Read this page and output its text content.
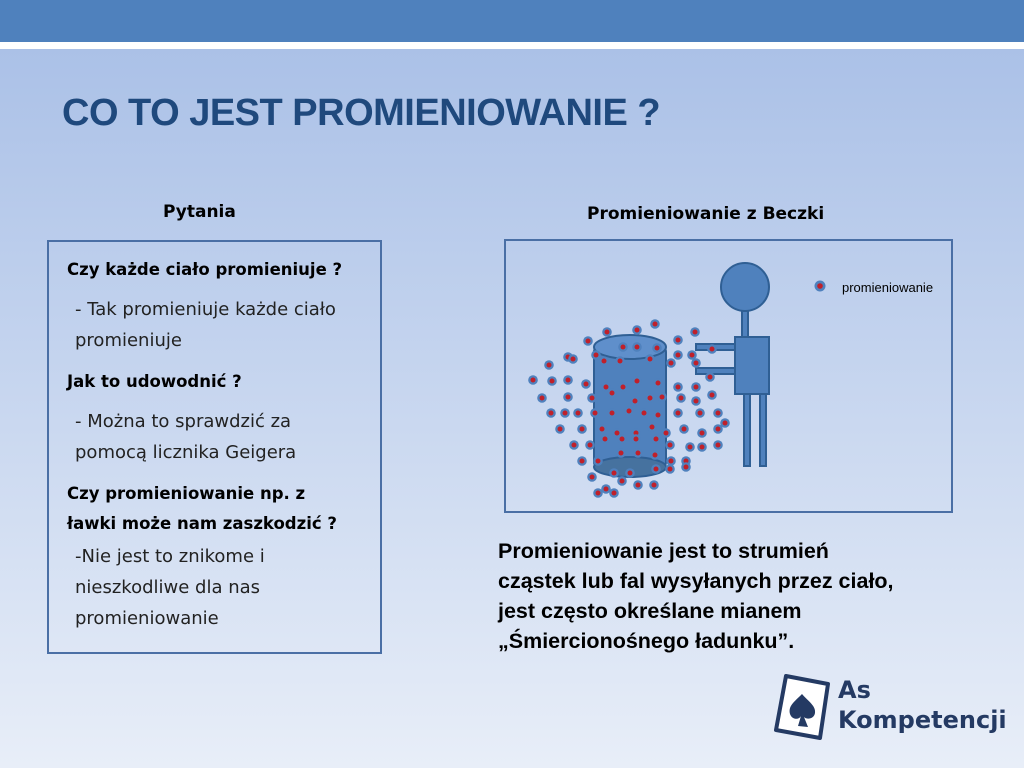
CO TO JEST PROMIENIOWANIE ?
Pytania	Promieniowanie z Beczki

Czy każde ciało promieniuje ?

- Tak promieniuje każde ciało
promieniuje

Jak to udowodnić ?

- Można to sprawdzić za
pomocą licznika Geigera

Czy promieniowanie np. z
ławki może nam zaszkodzić ?

-Nie jest to znikome i
nieszkodliwe dla nas
promieniowanie

promieniowanie

Promieniowanie jest to strumień
cząstek lub fal wysyłanych przez ciało,
jest często określane mianem
„Śmiercionośnego ładunku”.

As
Kompetencji
